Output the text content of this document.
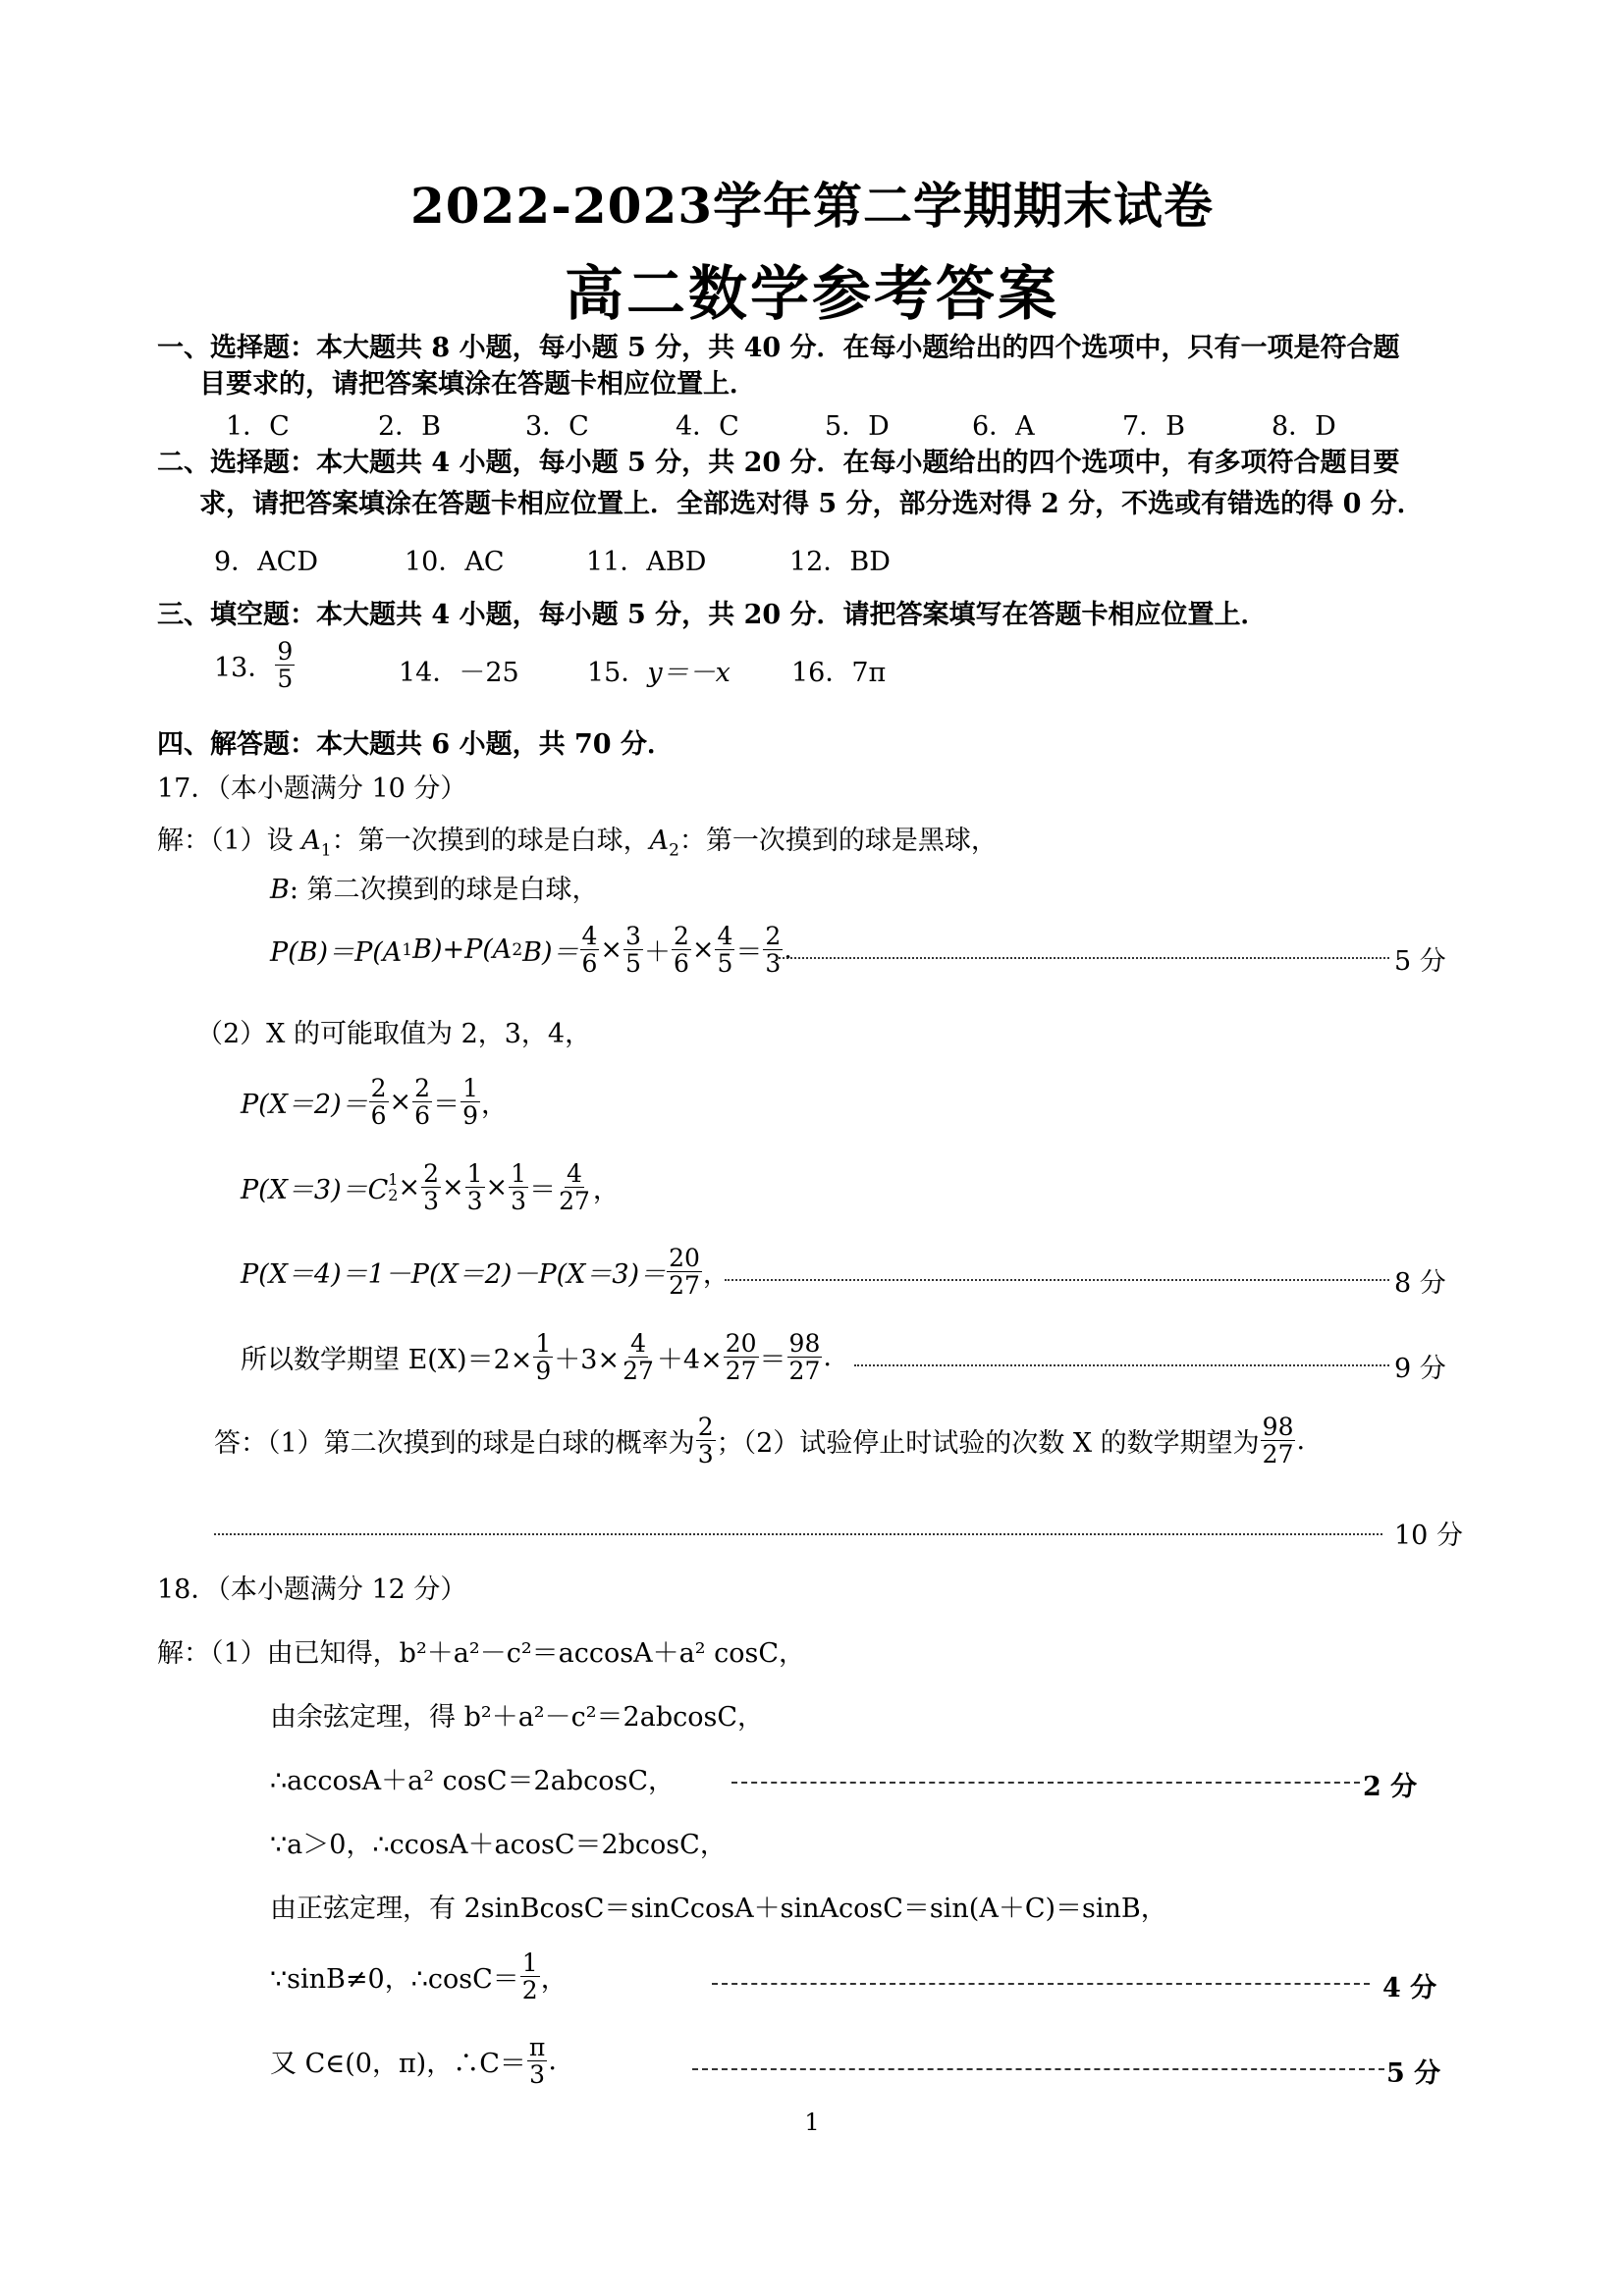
2022-2023学年第二学期期末试卷
高二数学参考答案
一、选择题：本大题共 8 小题，每小题 5 分，共 40 分．在每小题给出的四个选项中，只有一项是符合题
目要求的，请把答案填涂在答题卡相应位置上．
1．C	2．B	3．C	4．C	5．D	6．A	7．B	8．D
二、选择题：本大题共 4 小题，每小题 5 分，共 20 分．在每小题给出的四个选项中，有多项符合题目要
求，请把答案填涂在答题卡相应位置上．全部选对得 5 分，部分选对得 2 分，不选或有错选的得 0 分．
9．ACD	10．AC	11．ABD	12．BD
三、填空题：本大题共 4 小题，每小题 5 分，共 20 分．请把答案填写在答题卡相应位置上．
13． $\frac{9}{5}$	14．－25	15．y＝－x 16．7π
四、解答题：本大题共 6 小题，共 70 分．
17．（本小题满分 10 分）
解：（1）设 $A_1$：第一次摸到的球是白球，$A_2$：第一次摸到的球是黑球，
B: 第二次摸到的球是白球，
P(B)＝P(A 1 B)+P(A 2 $B)= \frac{4}{6} \times \frac{3}{5} + \frac{2}{6} \times \frac{4}{5} = \frac{2}{3}$ .	5 分
（2）X 的可能取值为 2，3，4，
$P(X=2)= \frac{2}{6} \times \frac{2}{6} = \frac{1}{9}$ ，
P(X＝3)＝C 1
$2 \times \frac{2}{3} \times \frac{1}{3} \times \frac{1}{3} = \frac{4}{27}$ ，
$P(X=4)=1-P(X=2)-P(X=3)= \frac{20}{27}$ ，	8 分
所以数学期望 $E(X)=2\times \frac{1}{9} +3\times \frac{4}{27} +4\times \frac{20}{27} = \frac{98}{27}$ .	9 分
答：（1）第二次摸到的球是白球的概率为 $\frac{2}{3}$ ；（2）试验停止时试验的次数 X 的数学期望为 $\frac{98}{27}$ .
10 分
18．（本小题满分 12 分）
解：（1）由已知得，b²＋a²－c²＝accosA＋a² cosC，
由余弦定理，得 b²＋a²－c²＝2abcosC，
∴accosA＋a² cosC＝2abcosC，	2 分
∵a＞0，∴ccosA＋acosC＝2bcosC，
由正弦定理，有 2sinBcosC＝sinCcosA＋sinAcosC＝sin(A＋C)＝sinB，
∵sinB≠0，∴cosC＝ $\frac{1}{2}$ ，	4 分
又 C∈(0，π)，∴C＝ $\frac{\pi}{3}$ .	5 分
1
